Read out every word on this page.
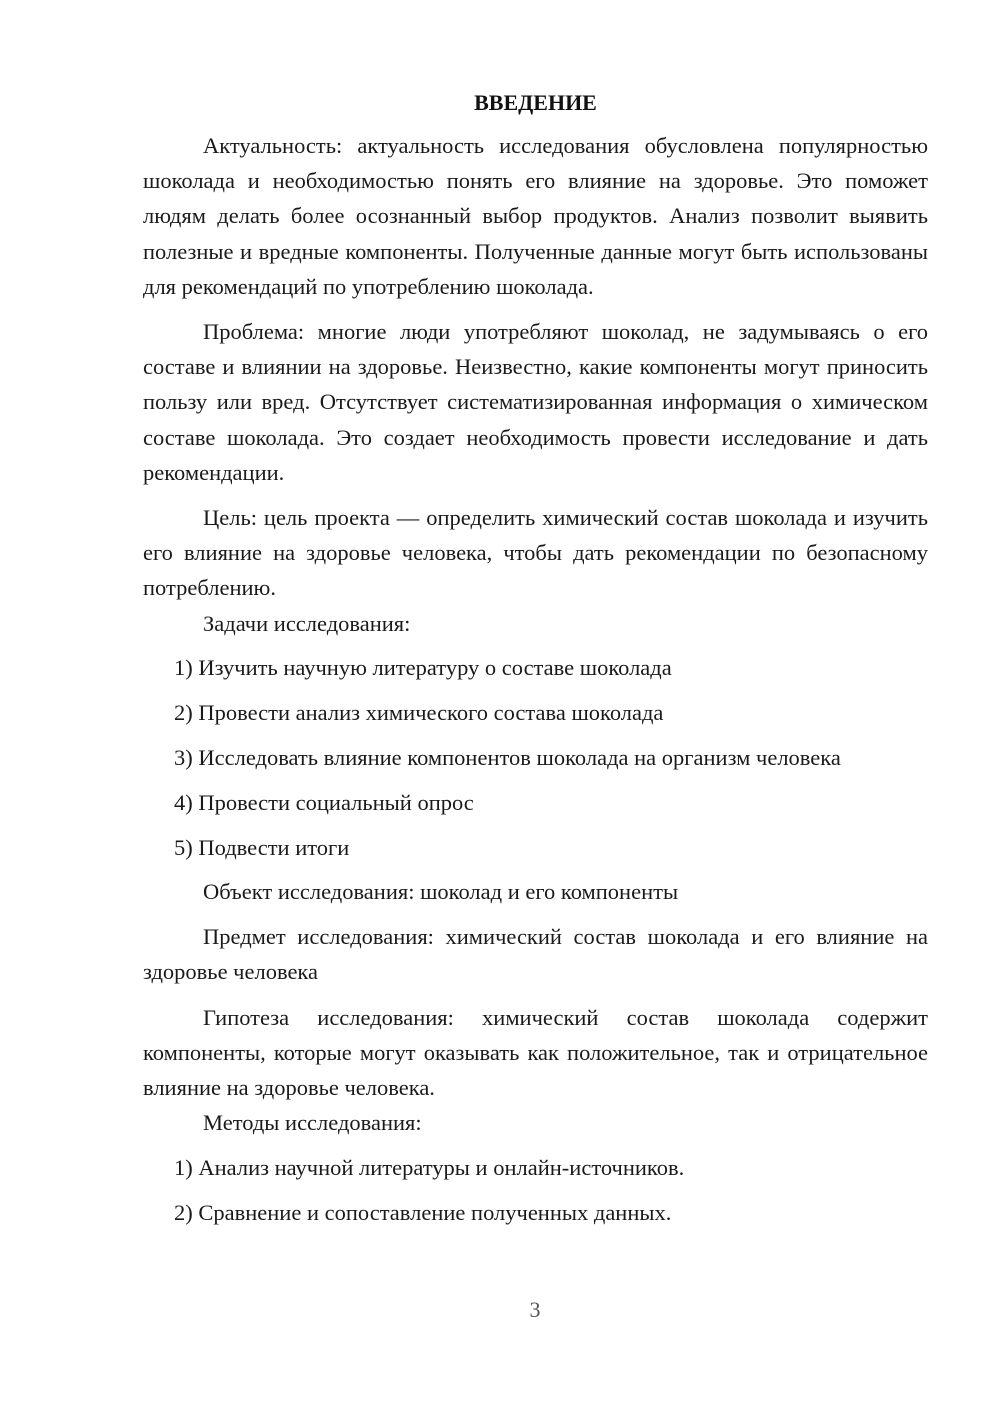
ВВЕДЕНИЕ

Актуальность: актуальность исследования обусловлена популярностью шоколада и необходимостью понять его влияние на здоровье. Это поможет людям делать более осознанный выбор продуктов. Анализ позволит выявить полезные и вредные компоненты. Полученные данные могут быть использованы для рекомендаций по употреблению шоколада.

Проблема: многие люди употребляют шоколад, не задумываясь о его составе и влиянии на здоровье. Неизвестно, какие компоненты могут приносить пользу или вред. Отсутствует систематизированная информация о химическом составе шоколада. Это создает необходимость провести исследование и дать рекомендации.

Цель: цель проекта — определить химический состав шоколада и изучить его влияние на здоровье человека, чтобы дать рекомендации по безопасному потреблению.

Задачи исследования:

1) Изучить научную литературу о составе шоколада

2) Провести анализ химического состава шоколада

3) Исследовать влияние компонентов шоколада на организм человека

4) Провести социальный опрос

5) Подвести итоги

Объект исследования: шоколад и его компоненты

Предмет исследования: химический состав шоколада и его влияние на здоровье человека

Гипотеза исследования: химический состав шоколада содержит компоненты, которые могут оказывать как положительное, так и отрицательное влияние на здоровье человека.

Методы исследования:

1) Анализ научной литературы и онлайн-источников.

2) Сравнение и сопоставление полученных данных.

3
